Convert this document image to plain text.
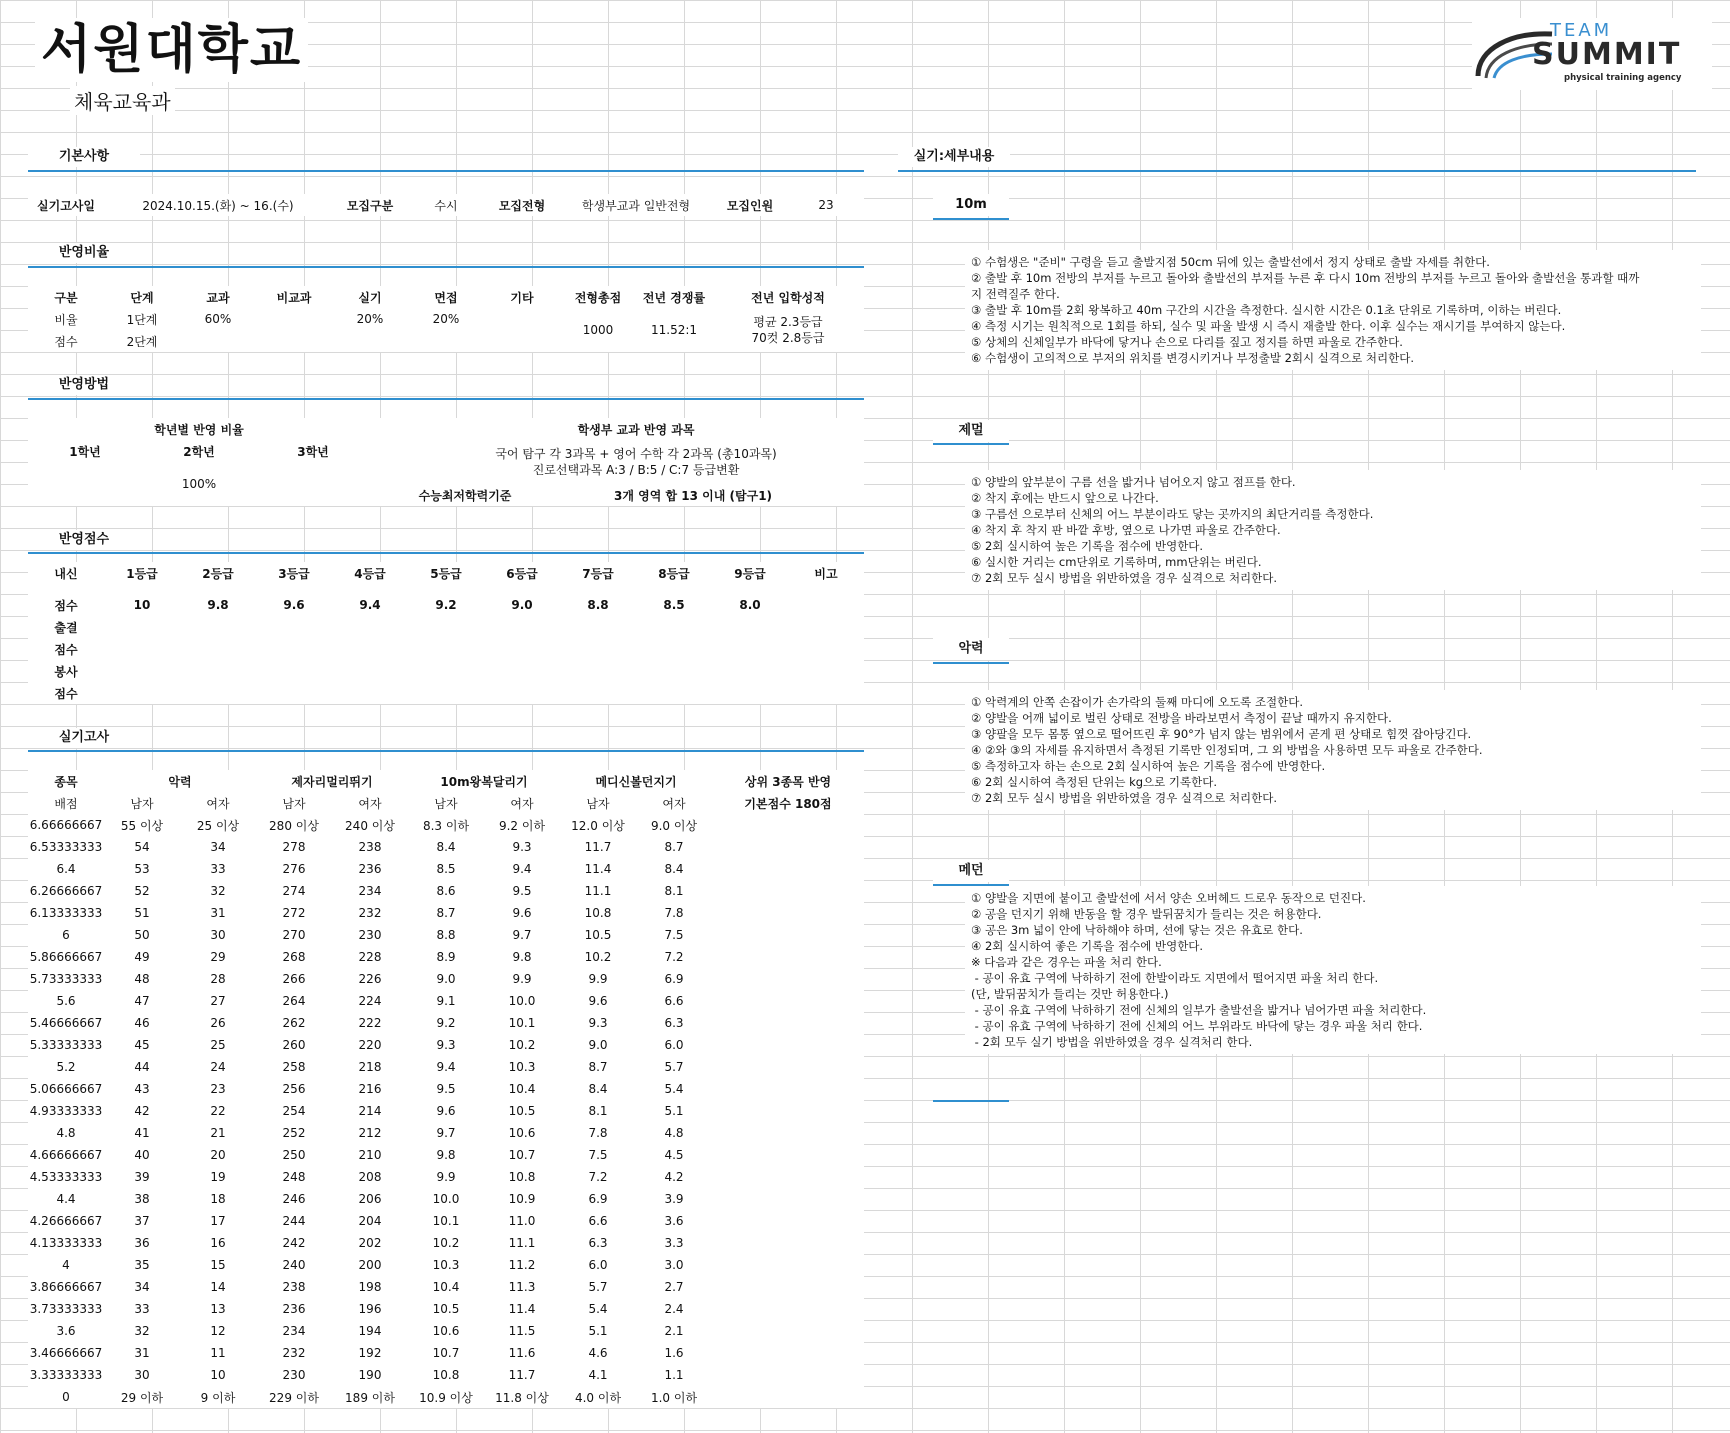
서원대학교
체육교육과
TEAM
SUMMIT
physical training agency
기본사항
실기고사일	2024.10.15.(화) ~ 16.(수)	모집구분	수시	모집전형	학생부교과 일반전형	모집인원	23
반영비율
구분	단계	교과	비교과	실기	면접	기타	전형총점	전년 경쟁률	전년 입학성적
비율	1단계	60%		20%	20%		1000	11.52:1	평균 2.3등급
70컷 2.8등급

점수	2단계								
반영방법
학년별 반영 비율				학생부 교과 반영 과목	
1학년	2학년	3학년		국어 탐구 각 3과목 + 영어 수학 각 2과목 (총10과목)
진로선택과목 A:3 / B:5 / C:7 등급변환	

100%					
				수능최저학력기준	3개 영역 합 13 이내 (탐구1)
반영점수
내신	1등급	2등급	3등급	4등급	5등급	6등급	7등급	8등급	9등급	비고

점수	10	9.8	9.6	9.4	9.2	9.0	8.8	8.5	8.0	
출결										
점수										
봉사										
점수										
실기고사
종목	악력		제자리멀리뛰기		10m왕복달리기		메디신볼던지기		상위 3종목 반영
배점	남자	여자	남자	여자	남자	여자	남자	여자	기본점수 180점
6.66666667	55 이상	25 이상	280 이상	240 이상	8.3 이하	9.2 이하	12.0 이상	9.0 이상	
6.53333333	54	34	278	238	8.4	9.3	11.7	8.7	
6.4	53	33	276	236	8.5	9.4	11.4	8.4	
6.26666667	52	32	274	234	8.6	9.5	11.1	8.1	
6.13333333	51	31	272	232	8.7	9.6	10.8	7.8	
6	50	30	270	230	8.8	9.7	10.5	7.5	
5.86666667	49	29	268	228	8.9	9.8	10.2	7.2	
5.73333333	48	28	266	226	9.0	9.9	9.9	6.9	
5.6	47	27	264	224	9.1	10.0	9.6	6.6	
5.46666667	46	26	262	222	9.2	10.1	9.3	6.3	
5.33333333	45	25	260	220	9.3	10.2	9.0	6.0	
5.2	44	24	258	218	9.4	10.3	8.7	5.7	
5.06666667	43	23	256	216	9.5	10.4	8.4	5.4	
4.93333333	42	22	254	214	9.6	10.5	8.1	5.1	
4.8	41	21	252	212	9.7	10.6	7.8	4.8	
4.66666667	40	20	250	210	9.8	10.7	7.5	4.5	
4.53333333	39	19	248	208	9.9	10.8	7.2	4.2	
4.4	38	18	246	206	10.0	10.9	6.9	3.9	
4.26666667	37	17	244	204	10.1	11.0	6.6	3.6	
4.13333333	36	16	242	202	10.2	11.1	6.3	3.3	
4	35	15	240	200	10.3	11.2	6.0	3.0	
3.86666667	34	14	238	198	10.4	11.3	5.7	2.7	
3.73333333	33	13	236	196	10.5	11.4	5.4	2.4	
3.6	32	12	234	194	10.6	11.5	5.1	2.1	
3.46666667	31	11	232	192	10.7	11.6	4.6	1.6	
3.33333333	30	10	230	190	10.8	11.7	4.1	1.1	
0	29 이하	9 이하	229 이하	189 이하	10.9 이상	11.8 이상	4.0 이하	1.0 이하	
실기:세부내용
10m
① 수험생은 "준비" 구령을 듣고 출발지점 50cm 뒤에 있는 출발선에서 정지 상태로 출발 자세를 취한다.
② 출발 후 10m 전방의 부저를 누르고 돌아와 출발선의 부저를 누른 후 다시 10m 전방의 부저를 누르고 돌아와 출발선을 통과할 때까
지 전력질주 한다.
③ 출발 후 10m를 2회 왕복하고 40m 구간의 시간을 측정한다. 실시한 시간은 0.1초 단위로 기록하며, 이하는 버린다.
④ 측정 시기는 원칙적으로 1회를 하되, 실수 및 파울 발생 시 즉시 재출발 한다. 이후 실수는 재시기를 부여하지 않는다.
⑤ 상체의 신체일부가 바닥에 닿거나 손으로 다리를 짚고 정지를 하면 파울로 간주한다.
⑥ 수험생이 고의적으로 부저의 위치를 변경시키거나 부정출발 2회시 실격으로 처리한다.
제멀
① 양발의 앞부분이 구름 선을 밟거나 넘어오지 않고 점프를 한다.
② 착지 후에는 반드시 앞으로 나간다.
③ 구름선 으로부터 신체의 어느 부분이라도 닿는 곳까지의 최단거리를 측정한다.
④ 착지 후 착지 판 바깥 후방, 옆으로 나가면 파울로 간주한다.
⑤ 2회 실시하여 높은 기록을 점수에 반영한다.
⑥ 실시한 거리는 cm단위로 기록하며, mm단위는 버린다.
⑦ 2회 모두 실시 방법을 위반하였을 경우 실격으로 처리한다.
악력
① 악력계의 안쪽 손잡이가 손가락의 둘째 마디에 오도록 조절한다.
② 양발을 어깨 넓이로 벌린 상태로 전방을 바라보면서 측정이 끝날 때까지 유지한다.
③ 양팔을 모두 몸통 옆으로 떨어뜨린 후 90°가 넘지 않는 범위에서 곧게 편 상태로 힘껏 잡아당긴다.
④ ②와 ③의 자세를 유지하면서 측정된 기록만 인정되며, 그 외 방법을 사용하면 모두 파울로 간주한다.
⑤ 측정하고자 하는 손으로 2회 실시하여 높은 기록을 점수에 반영한다.
⑥ 2회 실시하여 측정된 단위는 kg으로 기록한다.
⑦ 2회 모두 실시 방법을 위반하였을 경우 실격으로 처리한다.
메던
① 양발을 지면에 붙이고 출발선에 서서 양손 오버헤드 드로우 동작으로 던진다.
② 공을 던지기 위해 반동을 할 경우 발뒤꿈치가 들리는 것은 허용한다.
③ 공은 3m 넓이 안에 낙하해야 하며, 선에 닿는 것은 유효로 한다.
④ 2회 실시하여 좋은 기록을 점수에 반영한다.
※ 다음과 같은 경우는 파울 처리 한다.
- 공이 유효 구역에 낙하하기 전에 한발이라도 지면에서 떨어지면 파울 처리 한다.
(단, 발뒤꿈치가 들리는 것만 허용한다.)
- 공이 유효 구역에 낙하하기 전에 신체의 일부가 출발선을 밟거나 넘어가면 파울 처리한다.
- 공이 유효 구역에 낙하하기 전에 신체의 어느 부위라도 바닥에 닿는 경우 파울 처리 한다.
- 2회 모두 실기 방법을 위반하였을 경우 실격처리 한다.
